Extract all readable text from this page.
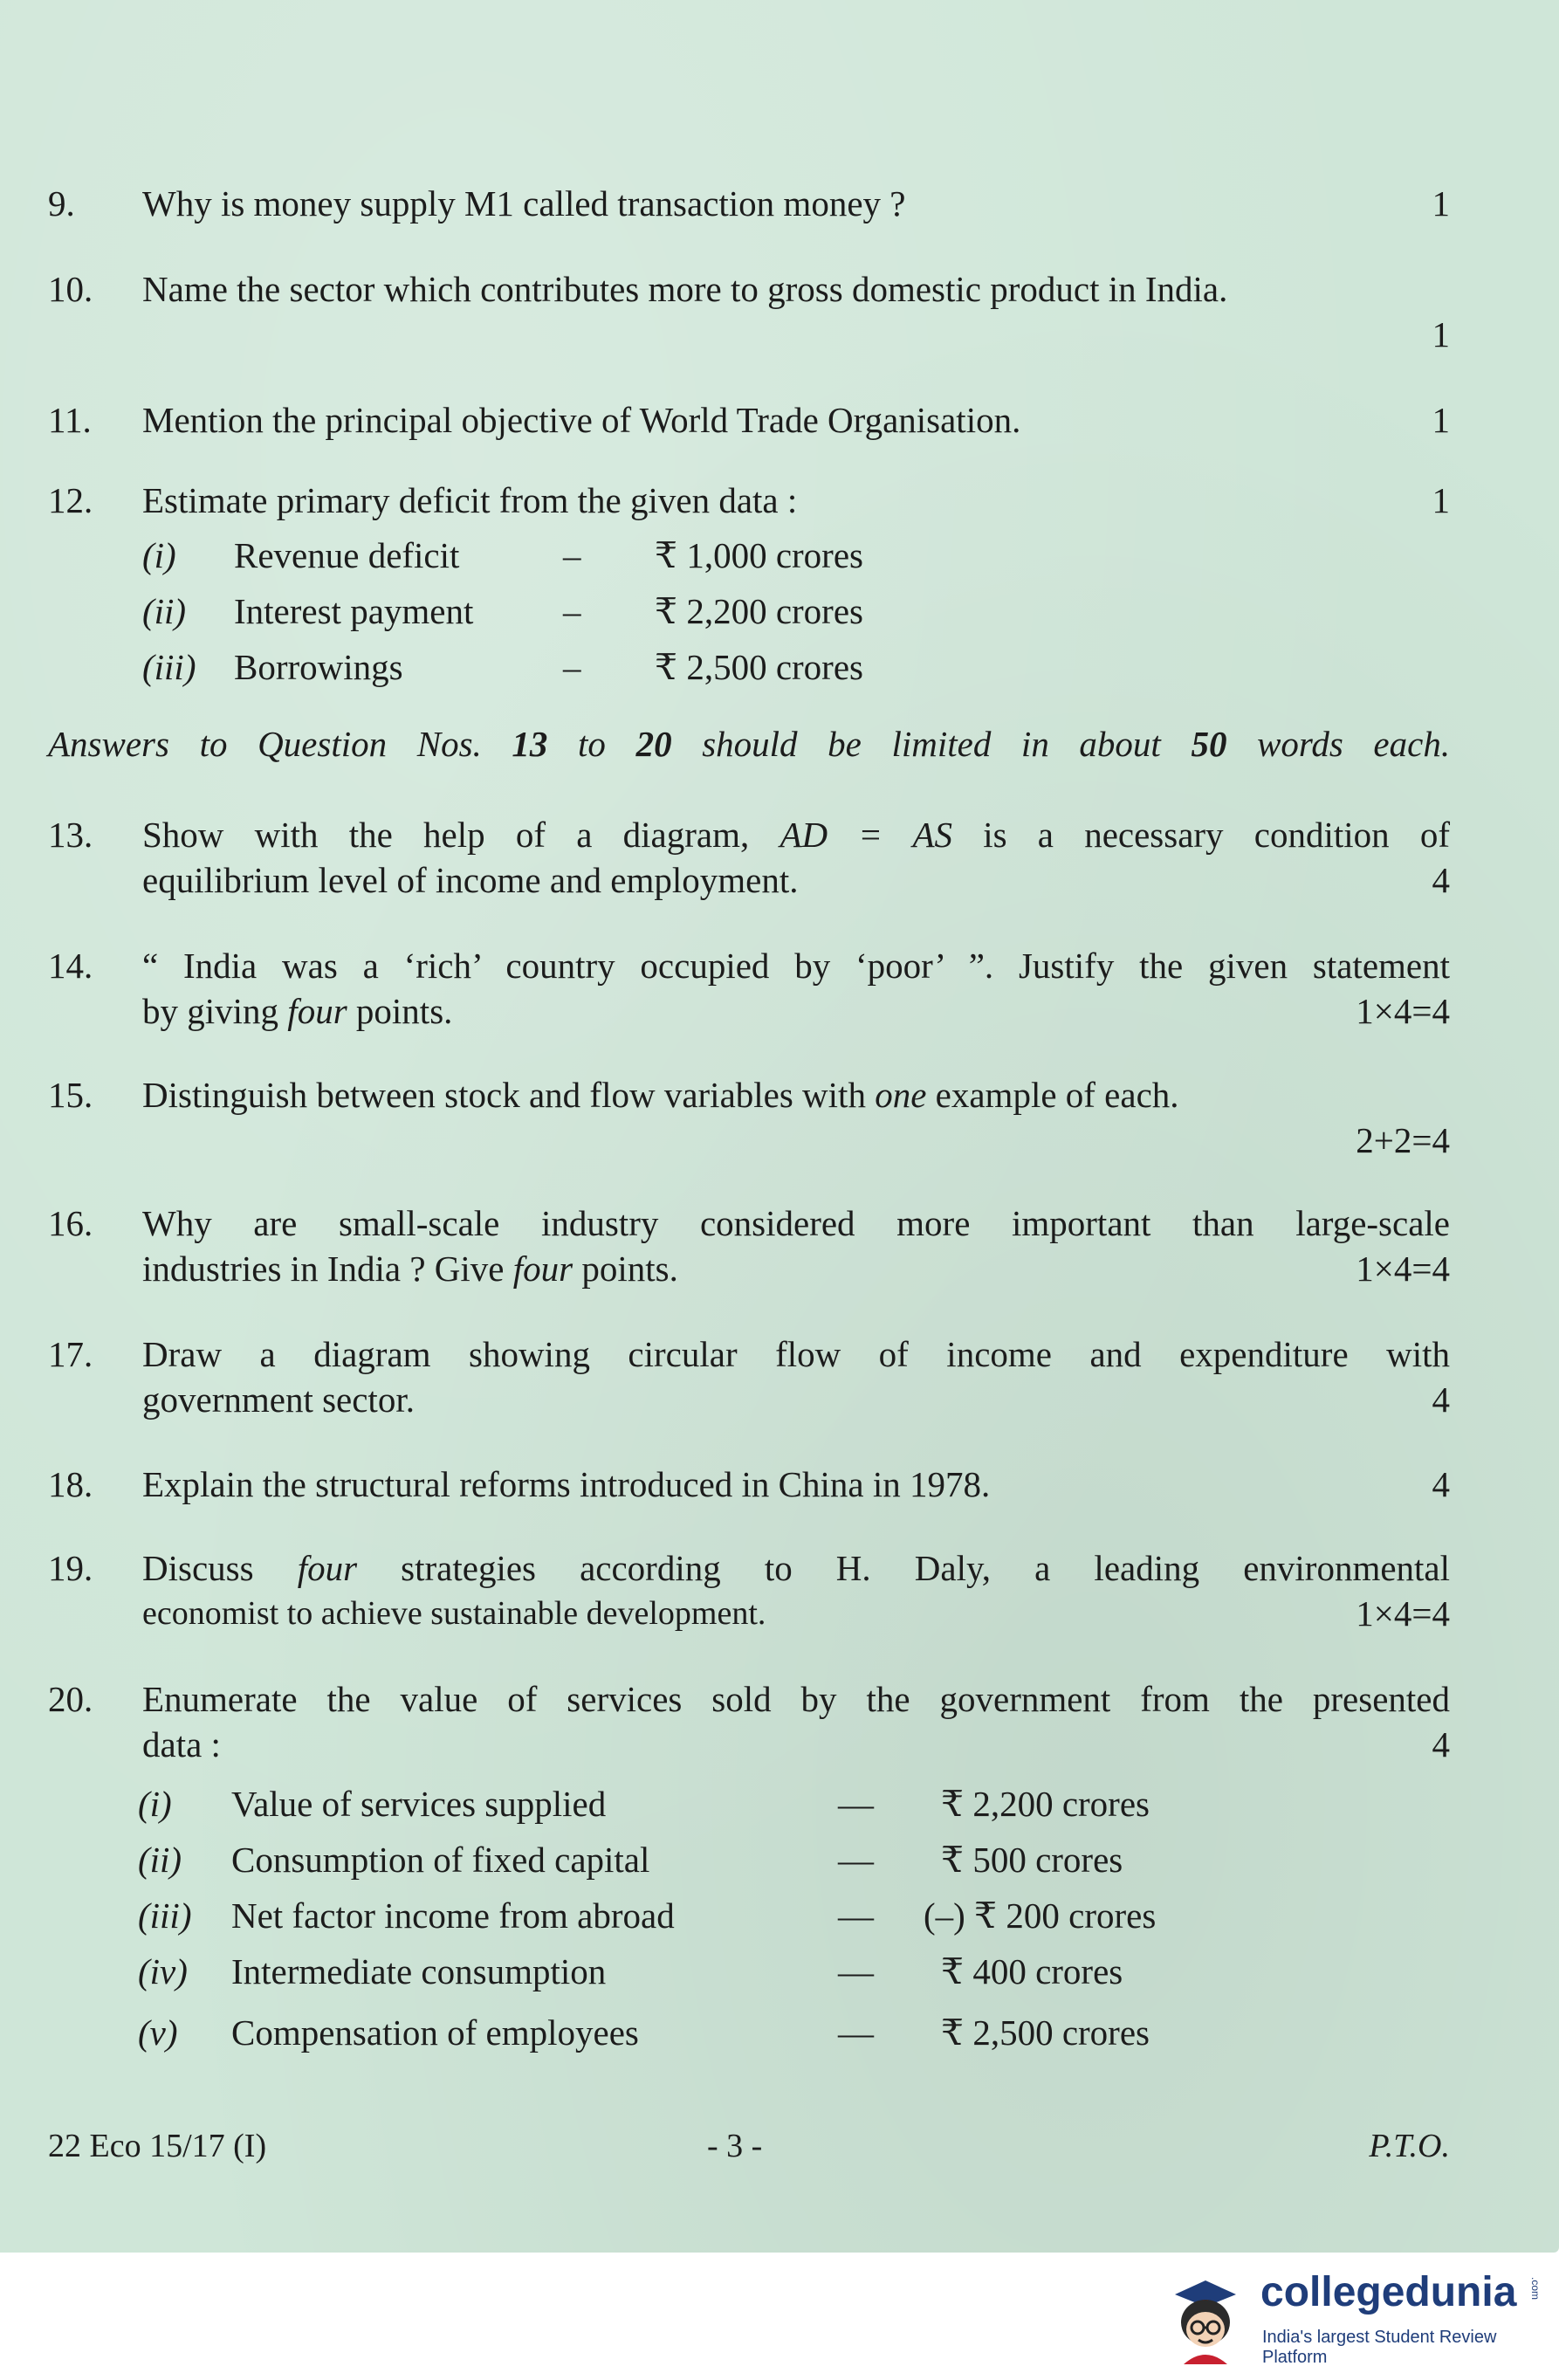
9. Why is money supply M1 called transaction money ?	1
10. Name the sector which contributes more to gross domestic product in India.
1
11. Mention the principal objective of World Trade Organisation.	1
12. Estimate primary deficit from the given data :	1
(i) Revenue deficit	– ₹ 1,000 crores
(ii) Interest payment	– ₹ 2,200 crores
(iii) Borrowings	– ₹ 2,500 crores
Answers to Question Nos. 13 to 20 should be limited in about 50 words each.
13. Show with the help of a diagram, AD = AS is a necessary condition of
equilibrium level of income and employment.	4
14. “ India was a ‘rich’ country occupied by ‘poor’ ”. Justify the given statement
by giving four points.	1×4=4
15. Distinguish between stock and flow variables with one example of each.
2+2=4
16. Why are small-scale industry considered more important than large-scale
industries in India ? Give four points.	1×4=4
17. Draw a diagram showing circular flow of income and expenditure with
government sector.	4
18. Explain the structural reforms introduced in China in 1978.	4
19. Discuss four strategies according to H. Daly, a leading environmental
economist to achieve sustainable development.	1×4=4
20. Enumerate the value of services sold by the government from the presented
data :	4
(i) Value of services supplied	— ₹ 2,200 crores
(ii) Consumption of fixed capital	— ₹ 500 crores
(iii) Net factor income from abroad	— (–) ₹ 200 crores
(iv) Intermediate consumption	— ₹ 400 crores
(v) Compensation of employees	— ₹ 2,500 crores
22 Eco 15/17 (I)	- 3 -	P.T.O.
collegedunia .com
India's largest Student Review Platform
